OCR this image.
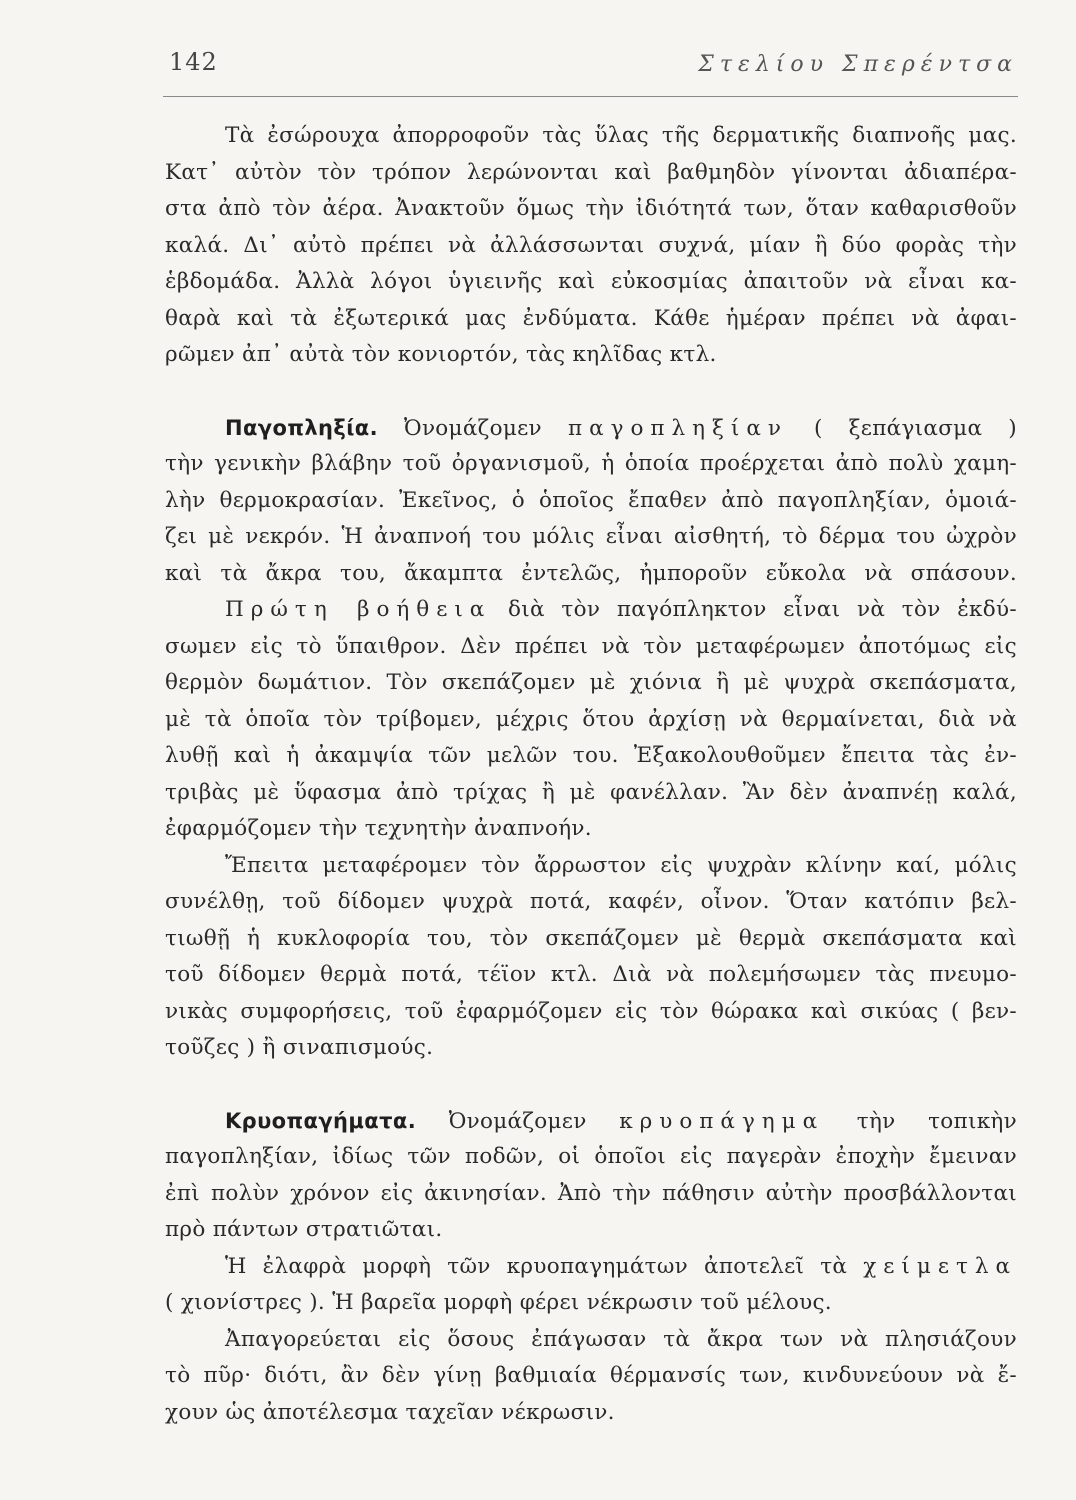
142	Στελίου Σπερέντσα
Τὰ ἐσώρουχα ἀπορροφοῦν τὰς ὕλας τῆς δερματικῆς διαπνοῆς μας.
Κατ᾽ αὐτὸν τὸν τρόπον λερώνονται καὶ βαθμηδὸν γίνονται ἀδιαπέρα-
στα ἀπὸ τὸν ἀέρα. Ἀνακτοῦν ὅμως τὴν ἰδιότητά των, ὅταν καθαρισθοῦν
καλά. Δι᾽ αὐτὸ πρέπει νὰ ἀλλάσσωνται συχνά, μίαν ἢ δύο φορὰς τὴν
ἑβδομάδα. Ἀλλὰ λόγοι ὑγιεινῆς καὶ εὐκοσμίας ἀπαιτοῦν νὰ εἶναι κα-
θαρὰ καὶ τὰ ἐξωτερικά μας ἐνδύματα. Κάθε ἡμέραν πρέπει νὰ ἀφαι-
ρῶμεν ἀπ᾽ αὐτὰ τὸν κονιορτόν, τὰς κηλῖδας κτλ.
Παγοπληξία. Ὀνομάζομεν παγοπληξίαν ( ξεπάγιασμα )
τὴν γενικὴν βλάβην τοῦ ὀργανισμοῦ, ἡ ὁποία προέρχεται ἀπὸ πολὺ χαμη-
λὴν θερμοκρασίαν. Ἐκεῖνος, ὁ ὁποῖος ἔπαθεν ἀπὸ παγοπληξίαν, ὁμοιά-
ζει μὲ νεκρόν. Ἡ ἀναπνοή του μόλις εἶναι αἰσθητή, τὸ δέρμα του ὠχρὸν
καὶ τὰ ἄκρα του, ἄκαμπτα ἐντελῶς, ἠμποροῦν εὔκολα νὰ σπάσουν.
Πρώτη βοήθεια διὰ τὸν παγόπληκτον εἶναι νὰ τὸν ἐκδύ-
σωμεν εἰς τὸ ὕπαιθρον. Δὲν πρέπει νὰ τὸν μεταφέρωμεν ἀποτόμως εἰς
θερμὸν δωμάτιον. Τὸν σκεπάζομεν μὲ χιόνια ἢ μὲ ψυχρὰ σκεπάσματα,
μὲ τὰ ὁποῖα τὸν τρίβομεν, μέχρις ὅτου ἀρχίσῃ νὰ θερμαίνεται, διὰ νὰ
λυθῇ καὶ ἡ ἀκαμψία τῶν μελῶν του. Ἐξακολουθοῦμεν ἔπειτα τὰς ἐν-
τριβὰς μὲ ὕφασμα ἀπὸ τρίχας ἢ μὲ φανέλλαν. Ἂν δὲν ἀναπνέῃ καλά,
ἐφαρμόζομεν τὴν τεχνητὴν ἀναπνοήν.
Ἔπειτα μεταφέρομεν τὸν ἄρρωστον εἰς ψυχρὰν κλίνην καί, μόλις
συνέλθῃ, τοῦ δίδομεν ψυχρὰ ποτά, καφέν, οἶνον. Ὅταν κατόπιν βελ-
τιωθῇ ἡ κυκλοφορία του, τὸν σκεπάζομεν μὲ θερμὰ σκεπάσματα καὶ
τοῦ δίδομεν θερμὰ ποτά, τέϊον κτλ. Διὰ νὰ πολεμήσωμεν τὰς πνευμο-
νικὰς συμφορήσεις, τοῦ ἐφαρμόζομεν εἰς τὸν θώρακα καὶ σικύας ( βεν-
τοῦζες ) ἢ σιναπισμούς.
Κρυοπαγήματα. Ὀνομάζομεν κρυοπάγημα τὴν τοπικὴν
παγοπληξίαν, ἰδίως τῶν ποδῶν, οἱ ὁποῖοι εἰς παγερὰν ἐποχὴν ἔμειναν
ἐπὶ πολὺν χρόνον εἰς ἀκινησίαν. Ἀπὸ τὴν πάθησιν αὐτὴν προσβάλλονται
πρὸ πάντων στρατιῶται.
Ἡ ἐλαφρὰ μορφὴ τῶν κρυοπαγημάτων ἀποτελεῖ τὰ χείμετλα
( χιονίστρες ). Ἡ βαρεῖα μορφὴ φέρει νέκρωσιν τοῦ μέλους.
Ἀπαγορεύεται εἰς ὅσους ἐπάγωσαν τὰ ἄκρα των νὰ πλησιάζουν
τὸ πῦρ· διότι, ἂν δὲν γίνῃ βαθμιαία θέρμανσίς των, κινδυνεύουν νὰ ἔ-
χουν ὡς ἀποτέλεσμα ταχεῖαν νέκρωσιν.
